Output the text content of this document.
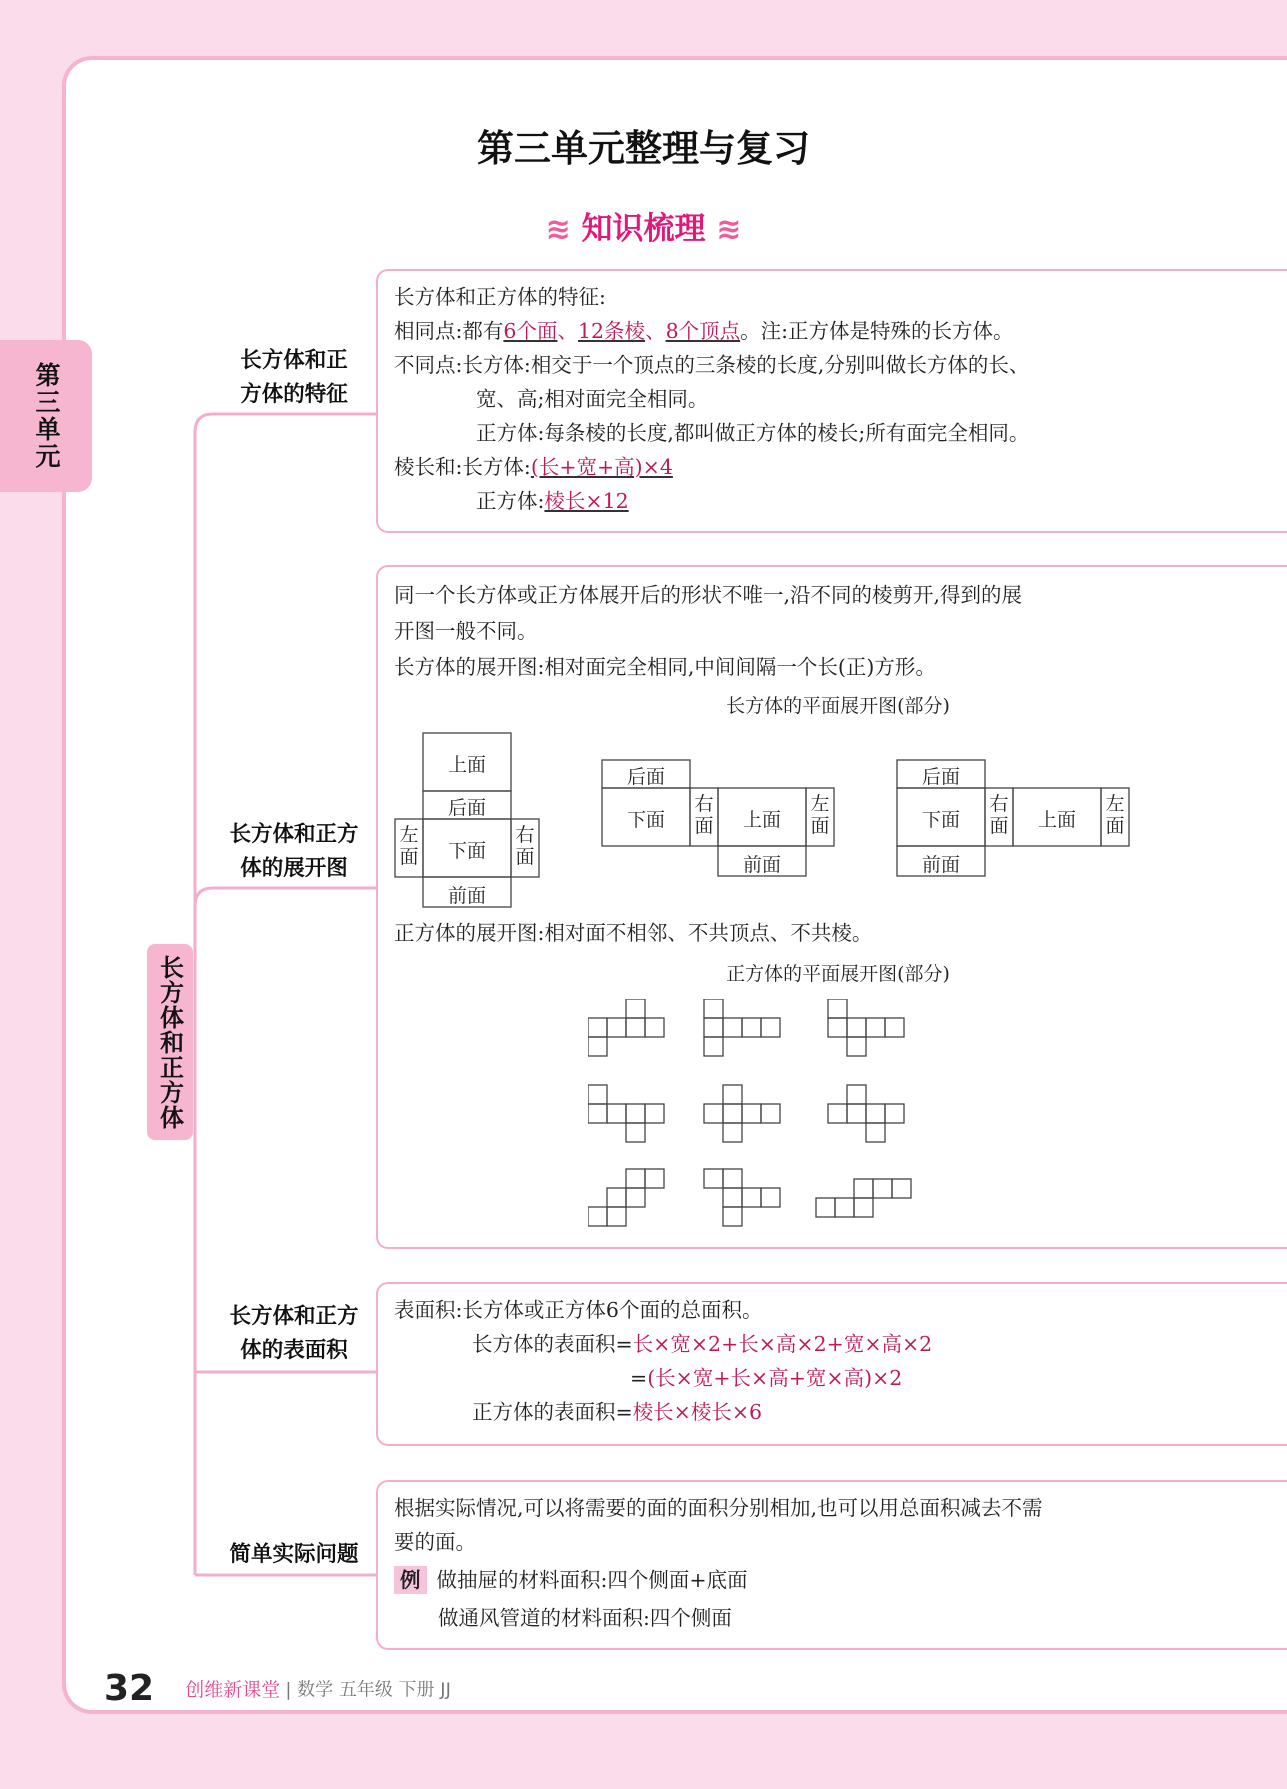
第三单元
第三单元整理与复习
≋ 知识梳理 ≋
长方体和正方体
长方体和正
方体的特征
长方体和正方
体的展开图
长方体和正方
体的表面积
简单实际问题
长方体和正方体的特征:
相同点:都有6个面、12条棱、8个顶点。注:正方体是特殊的长方体。
不同点:长方体:相交于一个顶点的三条棱的长度,分别叫做长方体的长、
宽、高;相对面完全相同。
正方体:每条棱的长度,都叫做正方体的棱长;所有面完全相同。
棱长和:长方体:(长+宽+高)×4
正方体:棱长×12
同一个长方体或正方体展开后的形状不唯一,沿不同的棱剪开,得到的展
开图一般不同。
长方体的展开图:相对面完全相同,中间间隔一个长(正)方形。
长方体的平面展开图(部分)
上面
后面
左面	下面
右面
前面
后面
下面
右面	上面
左面
前面
后面
下面
右面	上面
左面
前面
正方体的展开图:相对面不相邻、不共顶点、不共棱。
正方体的平面展开图(部分)
表面积:长方体或正方体6个面的总面积。
长方体的表面积=长×宽×2+长×高×2+宽×高×2
=(长×宽+长×高+宽×高)×2
正方体的表面积=棱长×棱长×6
根据实际情况,可以将需要的面的面积分别相加,也可以用总面积减去不需
要的面。
例 做抽屉的材料面积:四个侧面+底面
做通风管道的材料面积:四个侧面
32 创维新课堂 | 数学 五年级 下册 JJ
